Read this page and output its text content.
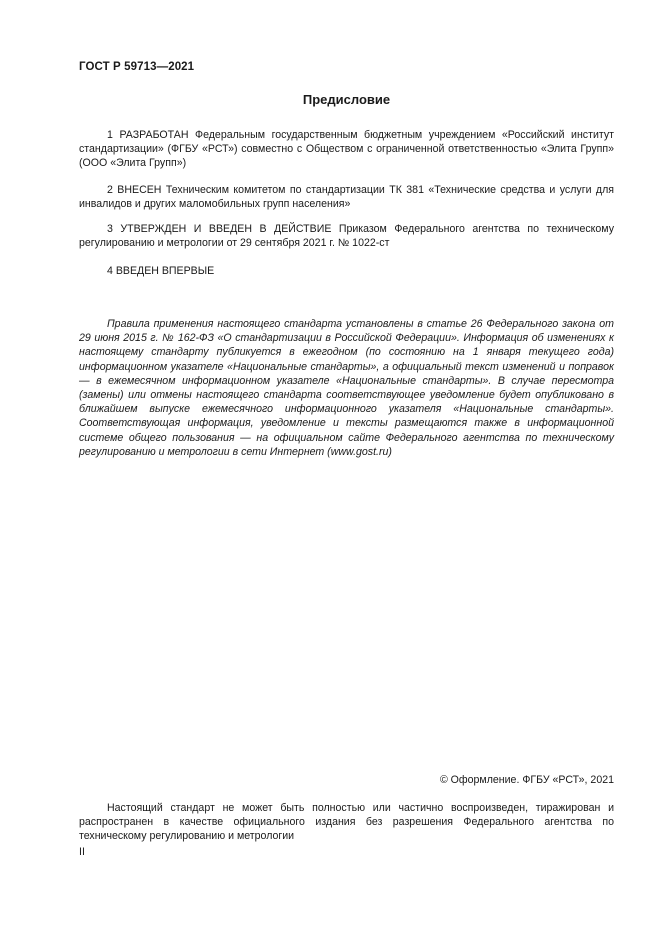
ГОСТ Р 59713—2021
Предисловие

1 РАЗРАБОТАН Федеральным государственным бюджетным учреждением «Российский институт стандартизации» (ФГБУ «РСТ») совместно с Обществом с ограниченной ответственностью «Элита Групп» (ООО «Элита Групп»)

2 ВНЕСЕН Техническим комитетом по стандартизации ТК 381 «Технические средства и услуги для инвалидов и других маломобильных групп населения»

3 УТВЕРЖДЕН И ВВЕДЕН В ДЕЙСТВИЕ Приказом Федерального агентства по техническому регулированию и метрологии от 29 сентября 2021 г. № 1022-ст

4 ВВЕДЕН ВПЕРВЫЕ

Правила применения настоящего стандарта установлены в статье 26 Федерального закона от 29 июня 2015 г. № 162-ФЗ «О стандартизации в Российской Федерации». Информация об изменениях к настоящему стандарту публикуется в ежегодном (по состоянию на 1 января текущего года) информационном указателе «Национальные стандарты», а официальный текст изменений и поправок — в ежемесячном информационном указателе «Национальные стандарты». В случае пересмотра (замены) или отмены настоящего стандарта соответствующее уведомление будет опубликовано в ближайшем выпуске ежемесячного информационного указателя «Национальные стандарты». Соответствующая информация, уведомление и тексты размещаются также в информационной системе общего пользования — на официальном сайте Федерального агентства по техническому регулированию и метрологии в сети Интернет (www.gost.ru)

© Оформление. ФГБУ «РСТ», 2021

Настоящий стандарт не может быть полностью или частично воспроизведен, тиражирован и распространен в качестве официального издания без разрешения Федерального агентства по техническому регулированию и метрологии

II
